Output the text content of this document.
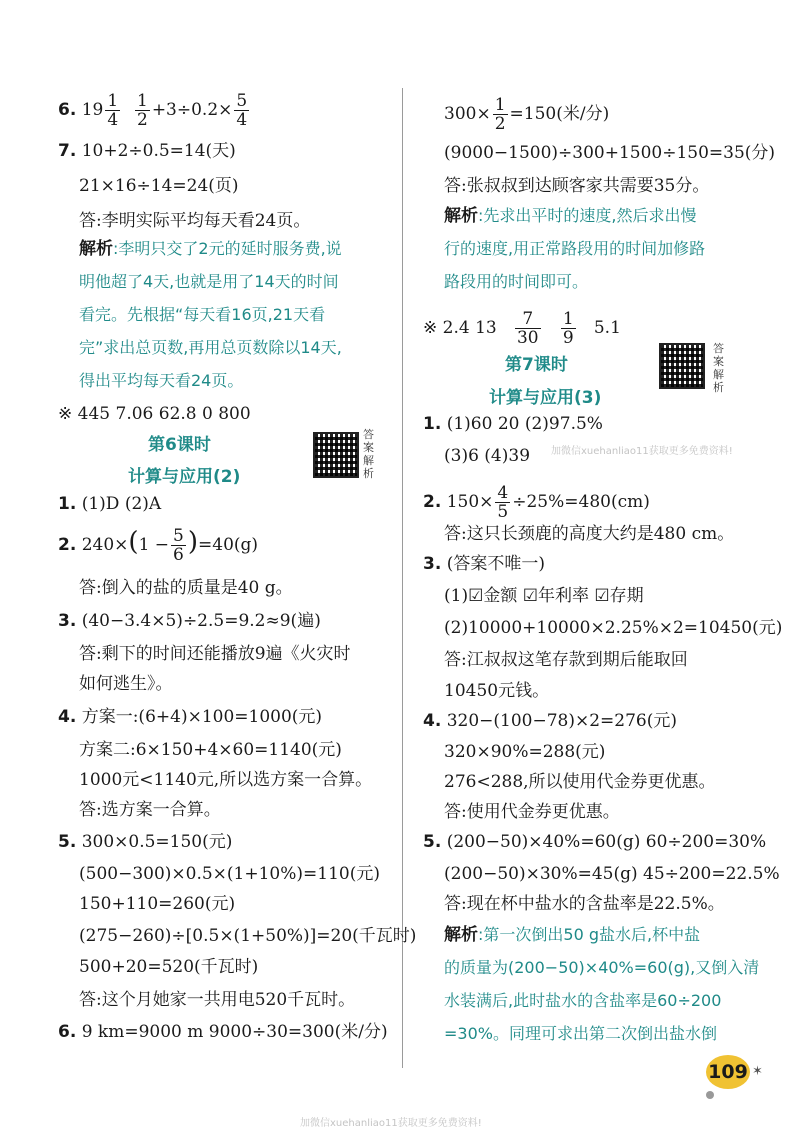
6. $19 \frac{1}{4}$
$\frac{1}{2} +3\div 0.2\times \frac{5}{4}$
7. 10+2÷0.5=14(天)
21×16÷14=24(页)
答:李明实际平均每天看24页。
解析:李明只交了2元的延时服务费,说
明他超了4天,也就是用了14天的时间
看完。先根据“每天看16页,21天看
完”求出总页数,再用总页数除以14天,
得出平均每天看24页。
※ 445 7.06 62.8 0 800
第6课时
计算与应用(2)
答案解析
1. (1)D (2)A
2. $240\times(1 - \frac{5}{6} )=40(g)$
答:倒入的盐的质量是40 g。
3. (40−3.4×5)÷2.5=9.2≈9(遍)
答:剩下的时间还能播放9遍《火灾时
如何逃生》。
4. 方案一:(6+4)×100=1000(元)
方案二:6×150+4×60=1140(元)
1000元<1140元,所以选方案一合算。
答:选方案一合算。
5. 300×0.5=150(元)
(500−300)×0.5×(1+10%)=110(元)
150+110=260(元)
(275−260)÷[0.5×(1+50%)]=20(千瓦时)
500+20=520(千瓦时)
答:这个月她家一共用电520千瓦时。
6. 9 km=9000 m 9000÷30=300(米/分)
$300\times \frac{1}{2} =150$(米/分)
(9000−1500)÷300+1500÷150=35(分)
答:张叔叔到达顾客家共需要35分。
解析:先求出平时的速度,然后求出慢
行的速度,用正常路段用的时间加修路
路段用的时间即可。
※ 2.4 $13 \frac{7}{30}$
$\frac{1}{9} 5.1$
第7课时
计算与应用(3)
答案解析
加微信xuehanliao11获取更多免费资料!
1. (1)60 20 (2)97.5%
(3)6 (4)39
2. $150\times \frac{4}{5} \div 25\%=480(cm)$
答:这只长颈鹿的高度大约是480 cm。
3. (答案不唯一)
(1)☑金额 ☑年利率 ☑存期
(2)10000+10000×2.25%×2=10450(元)
答:江叔叔这笔存款到期后能取回
10450元钱。
4. 320−(100−78)×2=276(元)
320×90%=288(元)
276<288,所以使用代金券更优惠。
答:使用代金券更优惠。
5. (200−50)×40%=60(g) 60÷200=30%
(200−50)×30%=45(g) 45÷200=22.5%
答:现在杯中盐水的含盐率是22.5%。
解析:第一次倒出50 g盐水后,杯中盐
的质量为(200−50)×40%=60(g),又倒入清
水装满后,此时盐水的含盐率是60÷200
=30%。同理可求出第二次倒出盐水倒
109 ✶
加微信xuehanliao11获取更多免费资料!
